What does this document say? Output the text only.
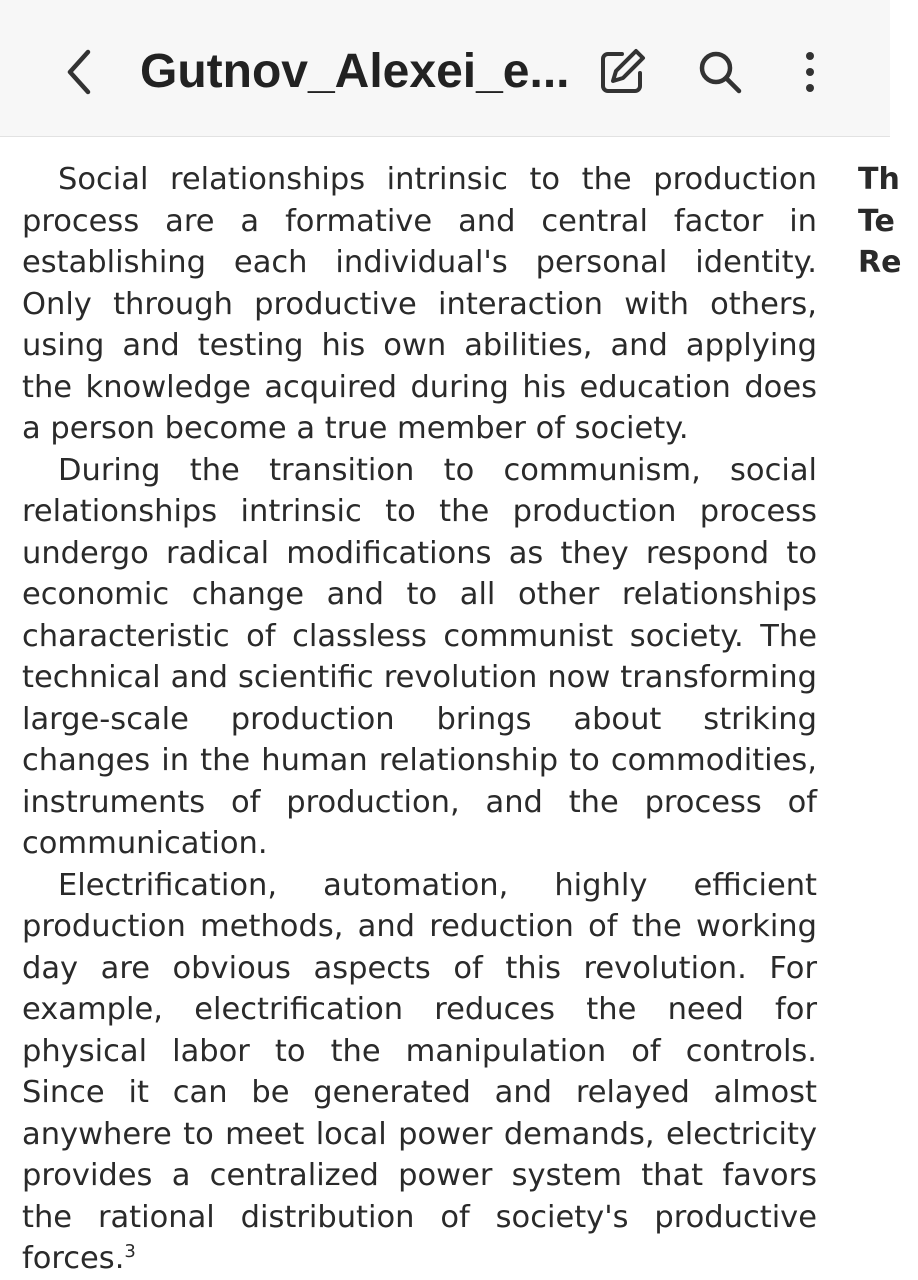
Gutnov_Alexei_e...

Social relationships intrinsic to the production process are a formative and central factor in establishing each individual's personal identity. Only through productive interaction with others, using and testing his own abilities, and applying the knowledge acquired during his education does a person become a true member of society.

During the transition to communism, social relationships intrinsic to the production process undergo radical modifications as they respond to economic change and to all other relationships characteristic of classless communist society. The technical and scientific revolution now transforming large-scale production brings about striking changes in the human relationship to commodities, instruments of production, and the process of communication.

Electrification, automation, highly efficient production methods, and reduction of the working day are obvious aspects of this revolution. For example, electrification reduces the need for physical labor to the manipulation of controls. Since it can be generated and relayed almost anywhere to meet local power demands, electricity provides a centralized power system that favors the rational distribution of society's productive forces.$^3$

Th
Te
Re
